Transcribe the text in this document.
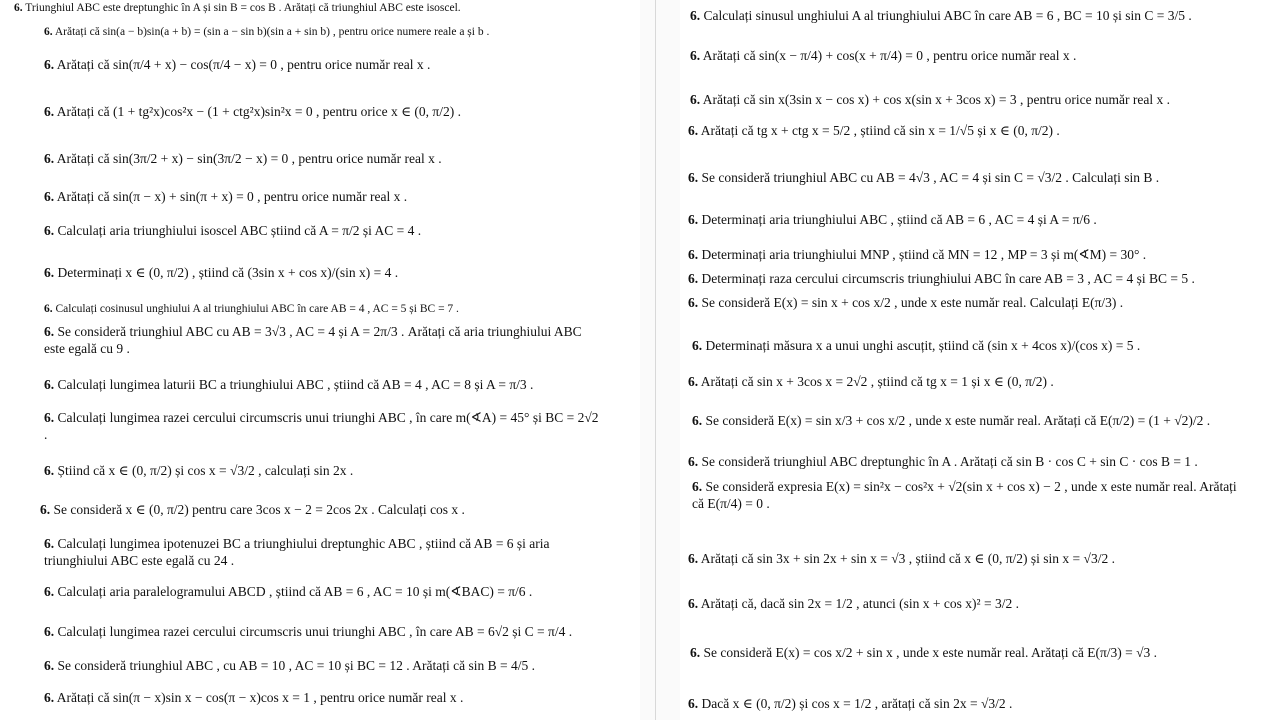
6. Triunghiul ABC este dreptunghic în A și sin B = cos B . Arătați că triunghiul ABC este isoscel.
6. Arătați că sin(a − b)sin(a + b) = (sin a − sin b)(sin a + sin b) , pentru orice numere reale a și b .
6. Arătați că sin(π/4 + x) − cos(π/4 − x) = 0 , pentru orice număr real x .
6. Arătați că (1 + tg²x)cos²x − (1 + ctg²x)sin²x = 0 , pentru orice x ∈ (0, π/2) .
6. Arătați că sin(3π/2 + x) − sin(3π/2 − x) = 0 , pentru orice număr real x .
6. Arătați că sin(π − x) + sin(π + x) = 0 , pentru orice număr real x .
6. Calculați aria triunghiului isoscel ABC știind că A = π/2 și AC = 4 .
6. Determinați x ∈ (0, π/2) , știind că (3sin x + cos x)/(sin x) = 4 .
6. Calculați cosinusul unghiului A al triunghiului ABC în care AB = 4 , AC = 5 și BC = 7 .
6. Se consideră triunghiul ABC cu AB = 3√3 , AC = 4 și A = 2π/3 . Arătați că aria triunghiului ABC este egală cu 9 .
6. Calculați lungimea laturii BC a triunghiului ABC , știind că AB = 4 , AC = 8 și A = π/3 .
6. Calculați lungimea razei cercului circumscris unui triunghi ABC , în care m(∢A) = 45° și BC = 2√2 .
6. Știind că x ∈ (0, π/2) și cos x = √3/2 , calculați sin 2x .
6. Se consideră x ∈ (0, π/2) pentru care 3cos x − 2 = 2cos 2x . Calculați cos x .
6. Calculați lungimea ipotenuzei BC a triunghiului dreptunghic ABC , știind că AB = 6 și aria triunghiului ABC este egală cu 24 .
6. Calculați aria paralelogramului ABCD , știind că AB = 6 , AC = 10 și m(∢BAC) = π/6 .
6. Calculați lungimea razei cercului circumscris unui triunghi ABC , în care AB = 6√2 și C = π/4 .
6. Se consideră triunghiul ABC , cu AB = 10 , AC = 10 și BC = 12 . Arătați că sin B = 4/5 .
6. Arătați că sin(π − x)sin x − cos(π − x)cos x = 1 , pentru orice număr real x .
6. Calculați sinusul unghiului A al triunghiului ABC în care AB = 6 , BC = 10 și sin C = 3/5 .
6. Arătați că sin(x − π/4) + cos(x + π/4) = 0 , pentru orice număr real x .
6. Arătați că sin x(3sin x − cos x) + cos x(sin x + 3cos x) = 3 , pentru orice număr real x .
6. Arătați că tg x + ctg x = 5/2 , știind că sin x = 1/√5 și x ∈ (0, π/2) .
6. Se consideră triunghiul ABC cu AB = 4√3 , AC = 4 și sin C = √3/2 . Calculați sin B .
6. Determinați aria triunghiului ABC , știind că AB = 6 , AC = 4 și A = π/6 .
6. Determinați aria triunghiului MNP , știind că MN = 12 , MP = 3 și m(∢M) = 30° .
6. Determinați raza cercului circumscris triunghiului ABC în care AB = 3 , AC = 4 și BC = 5 .
6. Se consideră E(x) = sin x + cos x/2 , unde x este număr real. Calculați E(π/3) .
6. Determinați măsura x a unui unghi ascuțit, știind că (sin x + 4cos x)/(cos x) = 5 .
6. Arătați că sin x + 3cos x = 2√2 , știind că tg x = 1 și x ∈ (0, π/2) .
6. Se consideră E(x) = sin x/3 + cos x/2 , unde x este număr real. Arătați că E(π/2) = (1 + √2)/2 .
6. Se consideră triunghiul ABC dreptunghic în A . Arătați că sin B · cos C + sin C · cos B = 1 .
6. Se consideră expresia E(x) = sin²x − cos²x + √2(sin x + cos x) − 2 , unde x este număr real. Arătați că E(π/4) = 0 .
6. Arătați că sin 3x + sin 2x + sin x = √3 , știind că x ∈ (0, π/2) și sin x = √3/2 .
6. Arătați că, dacă sin 2x = 1/2 , atunci (sin x + cos x)² = 3/2 .
6. Se consideră E(x) = cos x/2 + sin x , unde x este număr real. Arătați că E(π/3) = √3 .
6. Dacă x ∈ (0, π/2) și cos x = 1/2 , arătați că sin 2x = √3/2 .
